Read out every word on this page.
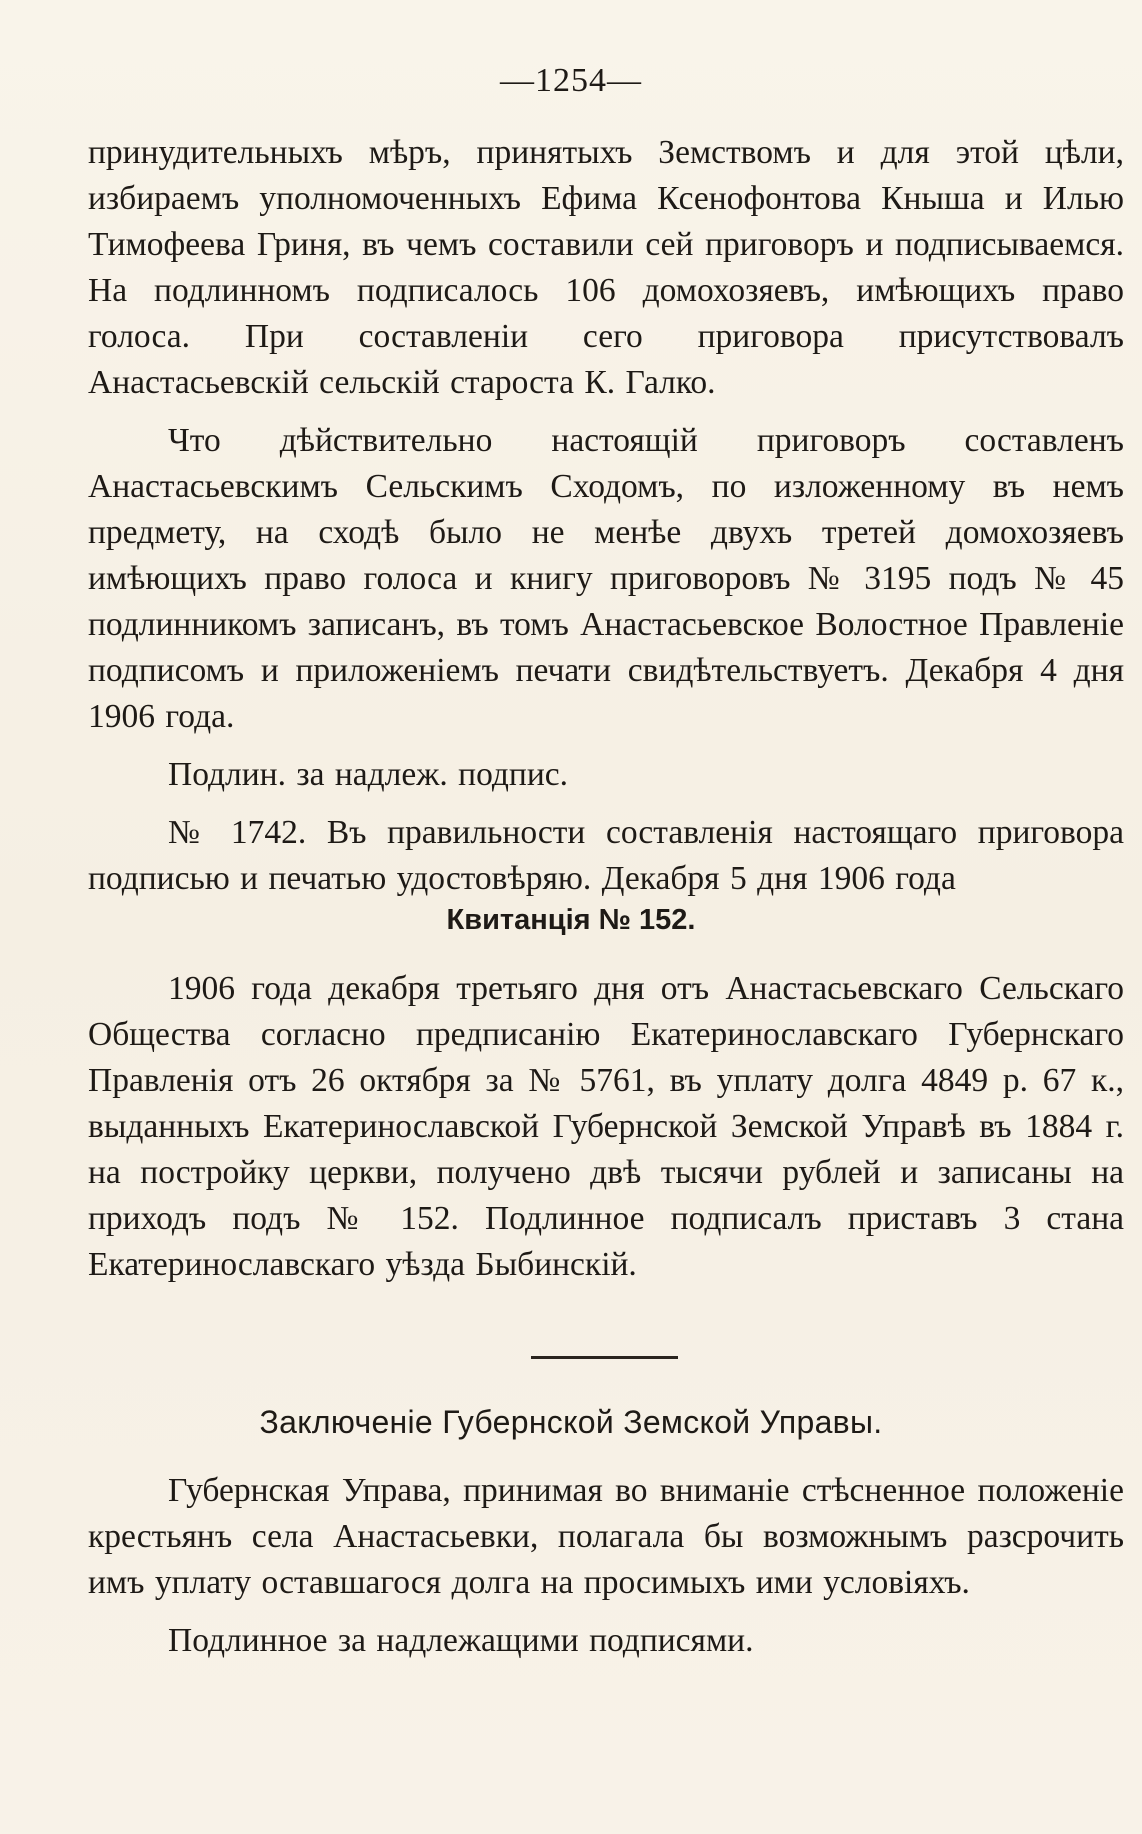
—1254—

принудительныхъ мѣръ, принятыхъ Земствомъ и для этой цѣли, избираемъ уполномоченныхъ Ефима Ксенофонтова Кныша и Илью Тимофеева Гриня, въ чемъ составили сей приговоръ и подписываемся. На подлинномъ подписалось 106 домохозяевъ, имѣющихъ право голоса. При составленіи сего приговора присутствовалъ Анастасьевскій сельскій староста К. Галко.

Что дѣйствительно настоящій приговоръ составленъ Анастасьевскимъ Сельскимъ Сходомъ, по изложенному въ немъ предмету, на сходѣ было не менѣе двухъ третей домохозяевъ имѣющихъ право голоса и книгу приговоровъ № 3195 подъ № 45 подлинникомъ записанъ, въ томъ Анастасьевское Волостное Правленіе подписомъ и приложеніемъ печати свидѣтельствуетъ. Декабря 4 дня 1906 года.

Подлин. за надлеж. подпис.

№ 1742. Въ правильности составленія настоящаго приговора подписью и печатью удостовѣряю. Декабря 5 дня 1906 года

Квитанція № 152.

1906 года декабря третьяго дня отъ Анастасьевскаго Сельскаго Общества согласно предписанію Екатеринославскаго Губернскаго Правленія отъ 26 октября за № 5761, въ уплату долга 4849 р. 67 к., выданныхъ Екатеринославской Губернской Земской Управѣ въ 1884 г. на постройку церкви, получено двѣ тысячи рублей и записаны на приходъ подъ № 152. Подлинное подписалъ приставъ 3 стана Екатеринославскаго уѣзда Быбинскій.

Заключеніе Губернской Земской Управы.

Губернская Управа, принимая во вниманіе стѣсненное положеніе крестьянъ села Анастасьевки, полагала бы возможнымъ разсрочить имъ уплату оставшагося долга на просимыхъ ими условіяхъ.

Подлинное за надлежащими подписями.
